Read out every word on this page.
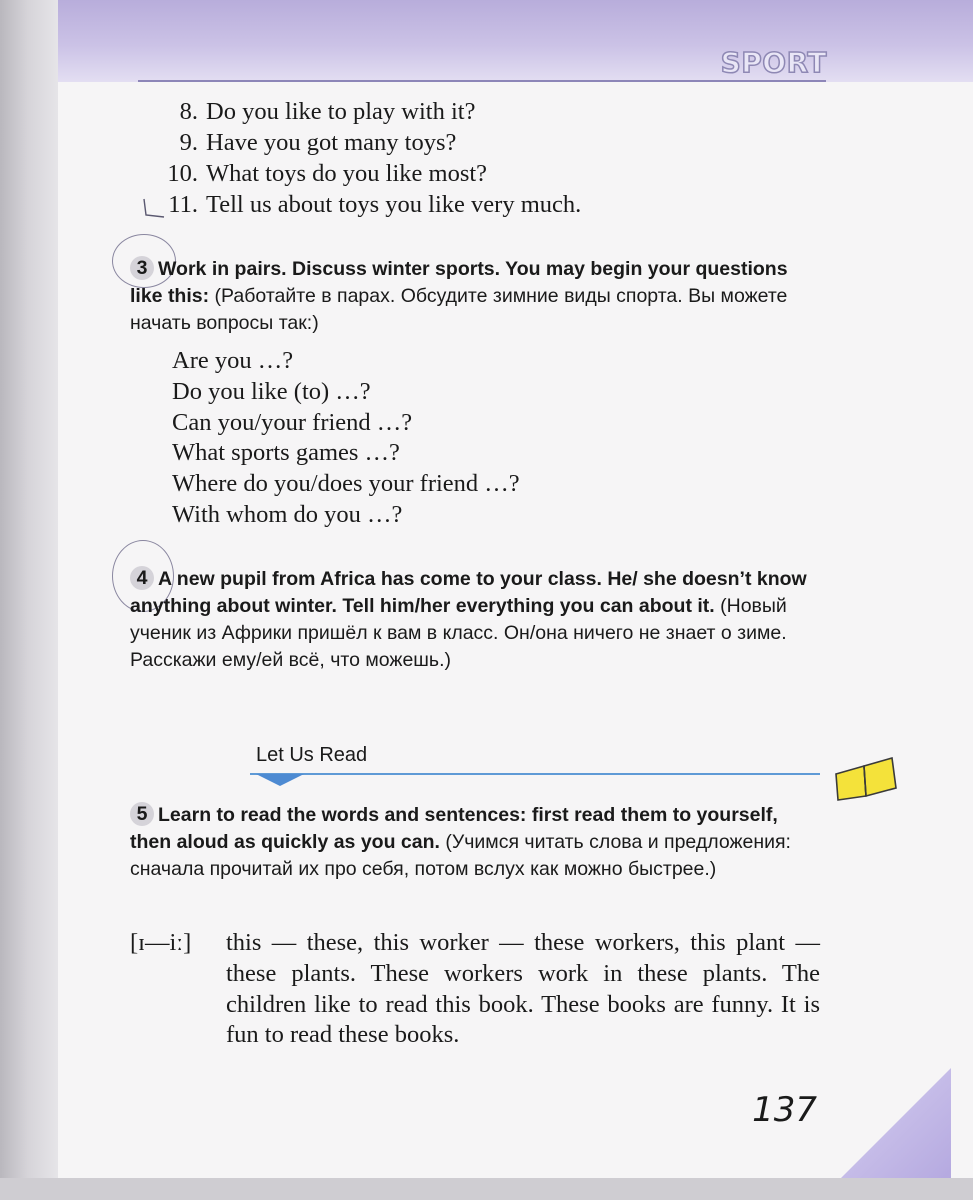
SPORT
8. Do you like to play with it?
9. Have you got many toys?
10. What toys do you like most?
11. Tell us about toys you like very much.
3 Work in pairs. Discuss winter sports. You may begin your questions like this: (Работайте в парах. Обсудите зимние виды спорта. Вы можете начать вопросы так:)
Are you …?
Do you like (to) …?
Can you/your friend …?
What sports games …?
Where do you/does your friend …?
With whom do you …?
4 A new pupil from Africa has come to your class. He/ she doesn’t know anything about winter. Tell him/her everything you can about it. (Новый ученик из Африки пришёл к вам в класс. Он/она ничего не знает о зиме. Расскажи ему/ей всё, что можешь.)
Let Us Read
5 Learn to read the words and sentences: first read them to yourself, then aloud as quickly as you can. (Учимся читать слова и предложения: сначала прочитай их про себя, потом вслух как можно быстрее.)
[ɪ—iː] this — these, this worker — these workers, this plant — these plants. These workers work in these plants. The children like to read this book. These books are funny. It is fun to read these books.

137
